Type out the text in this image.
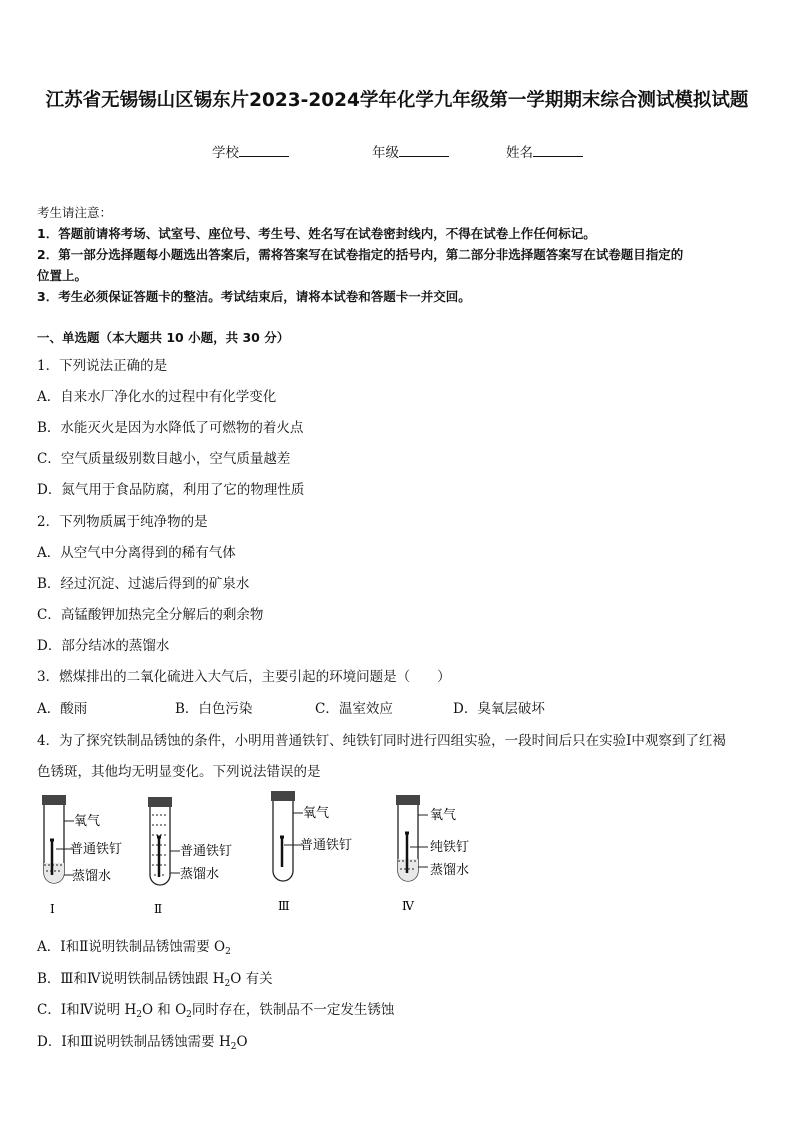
江苏省无锡锡山区锡东片2023-2024学年化学九年级第一学期期末综合测试模拟试题
学校	年级	姓名
考生请注意：
1．答题前请将考场、试室号、座位号、考生号、姓名写在试卷密封线内，不得在试卷上作任何标记。
2．第一部分选择题每小题选出答案后，需将答案写在试卷指定的括号内，第二部分非选择题答案写在试卷题目指定的
位置上。
3．考生必须保证答题卡的整洁。考试结束后，请将本试卷和答题卡一并交回。
一、单选题（本大题共 10 小题，共 30 分）
1．下列说法正确的是
A．自来水厂净化水的过程中有化学变化
B．水能灭火是因为水降低了可燃物的着火点
C．空气质量级别数目越小，空气质量越差
D．氮气用于食品防腐，利用了它的物理性质
2．下列物质属于纯净物的是
A．从空气中分离得到的稀有气体
B．经过沉淀、过滤后得到的矿泉水
C．高锰酸钾加热完全分解后的剩余物
D．部分结冰的蒸馏水
3．燃煤排出的二氧化硫进入大气后，主要引起的环境问题是（　　）
A．酸雨	B．白色污染	C．温室效应	D．臭氧层破坏
4．为了探究铁制品锈蚀的条件，小明用普通铁钉、纯铁钉同时进行四组实验，一段时间后只在实验Ⅰ中观察到了红褐
色锈斑，其他均无明显变化。下列说法错误的是
氧气
普通铁钉
蒸馏水
Ⅰ
普通铁钉
蒸馏水
Ⅱ
氧气
普通铁钉
Ⅲ
氧气
纯铁钉
蒸馏水
Ⅳ
A．Ⅰ和Ⅱ说明铁制品锈蚀需要 $O_2$
B．Ⅲ和Ⅳ说明铁制品锈蚀跟 $H_2O$ 有关
C．Ⅰ和Ⅳ说明 $H_2O$ 和 $O_2$同时存在，铁制品不一定发生锈蚀
D．Ⅰ和Ⅲ说明铁制品锈蚀需要 $H_2O$
